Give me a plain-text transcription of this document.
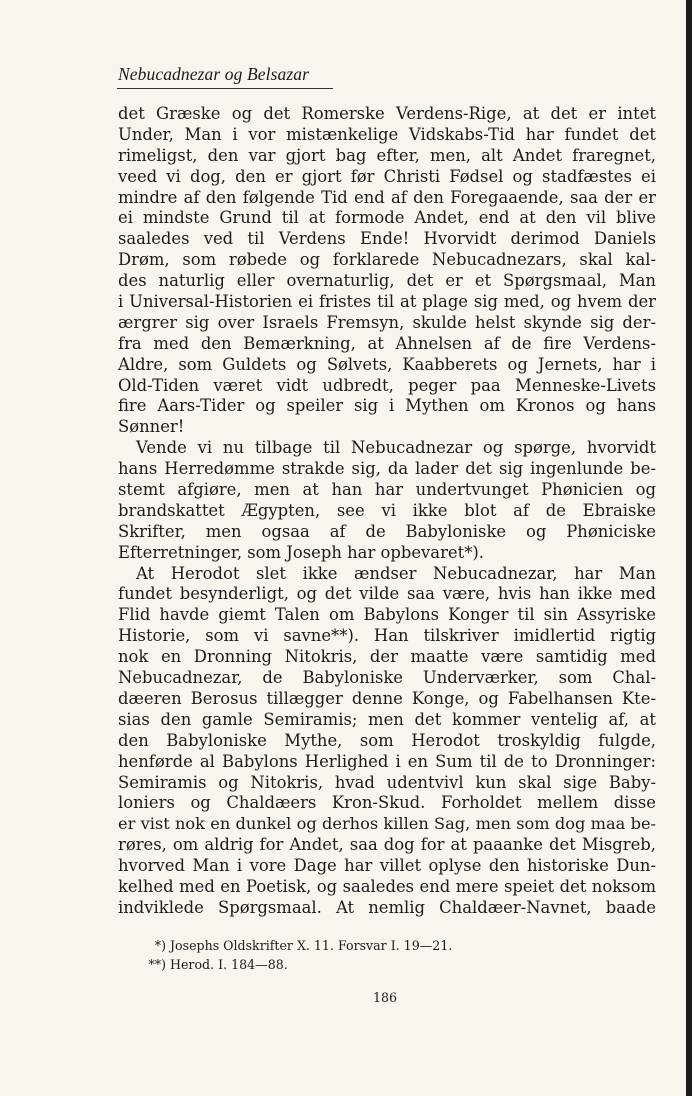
Nebucadnezar og Belsazar
det Græske og det Romerske Verdens-Rige, at det er intet
Under, Man i vor mistænkelige Vidskabs-Tid har fundet det
rimeligst, den var gjort bag efter, men, alt Andet fraregnet,
veed vi dog, den er gjort før Christi Fødsel og stadfæstes ei
mindre af den følgende Tid end af den Foregaaende, saa der er
ei mindste Grund til at formode Andet, end at den vil blive
saaledes ved til Verdens Ende! Hvorvidt derimod Daniels
Drøm, som røbede og forklarede Nebucadnezars, skal kal-
des naturlig eller overnaturlig, det er et Spørgsmaal, Man
i Universal-Historien ei fristes til at plage sig med, og hvem der
ærgrer sig over Israels Fremsyn, skulde helst skynde sig der-
fra med den Bemærkning, at Ahnelsen af de fire Verdens-
Aldre, som Guldets og Sølvets, Kaabberets og Jernets, har i
Old-Tiden været vidt udbredt, peger paa Menneske-Livets
fire Aars-Tider og speiler sig i Mythen om Kronos og hans
Sønner!
Vende vi nu tilbage til Nebucadnezar og spørge, hvorvidt
hans Herredømme strakde sig, da lader det sig ingenlunde be-
stemt afgiøre, men at han har undertvunget Phønicien og
brandskattet Ægypten, see vi ikke blot af de Ebraiske
Skrifter, men ogsaa af de Babyloniske og Phøniciske
Efterretninger, som Joseph har opbevaret*).
At Herodot slet ikke ændser Nebucadnezar, har Man
fundet besynderligt, og det vilde saa være, hvis han ikke med
Flid havde giemt Talen om Babylons Konger til sin Assyriske
Historie, som vi savne**). Han tilskriver imidlertid rigtig
nok en Dronning Nitokris, der maatte være samtidig med
Nebucadnezar, de Babyloniske Underværker, som Chal-
dæeren Berosus tillægger denne Konge, og Fabelhansen Kte-
sias den gamle Semiramis; men det kommer ventelig af, at
den Babyloniske Mythe, som Herodot troskyldig fulgde,
henførde al Babylons Herlighed i en Sum til de to Dronninger:
Semiramis og Nitokris, hvad udentvivl kun skal sige Baby-
loniers og Chaldæers Kron-Skud. Forholdet mellem disse
er vist nok en dunkel og derhos killen Sag, men som dog maa be-
røres, om aldrig for Andet, saa dog for at paaanke det Misgreb,
hvorved Man i vore Dage har villet oplyse den historiske Dun-
kelhed med en Poetisk, og saaledes end mere speiet det noksom
indviklede Spørgsmaal. At nemlig Chaldæer-Navnet, baade
*) Josephs Oldskrifter X. 11. Forsvar I. 19—21.
**) Herod. I. 184—88.
186
